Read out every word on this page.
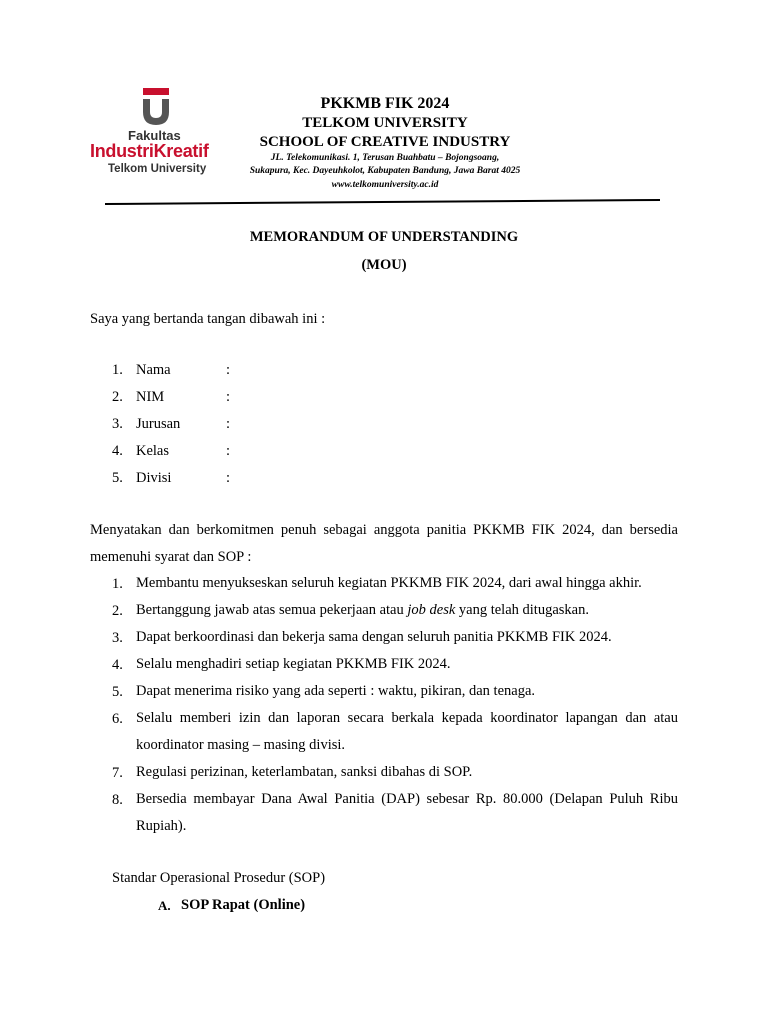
Fakultas
IndustriKreatif
Telkom University
PKKMB FIK 2024
TELKOM UNIVERSITY
SCHOOL OF CREATIVE INDUSTRY
JL. Telekomunikasi. 1, Terusan Buahbatu – Bojongsoang,
Sukapura, Kec. Dayeuhkolot, Kabupaten Bandung, Jawa Barat 4025
www.telkomuniversity.ac.id
MEMORANDUM OF UNDERSTANDING
(MOU)
Saya yang bertanda tangan dibawah ini :
1. Nama	:
2. NIM	:
3. Jurusan	:
4. Kelas	:
5. Divisi	:
Menyatakan dan berkomitmen penuh sebagai anggota panitia PKKMB FIK 2024, dan bersedia memenuhi syarat dan SOP :
1. Membantu menyukseskan seluruh kegiatan PKKMB FIK 2024, dari awal hingga akhir.
2. Bertanggung jawab atas semua pekerjaan atau job desk yang telah ditugaskan.
3. Dapat berkoordinasi dan bekerja sama dengan seluruh panitia PKKMB FIK 2024.
4. Selalu menghadiri setiap kegiatan PKKMB FIK 2024.
5. Dapat menerima risiko yang ada seperti : waktu, pikiran, dan tenaga.
6. Selalu memberi izin dan laporan secara berkala kepada koordinator lapangan dan atau koordinator masing – masing divisi.
7. Regulasi perizinan, keterlambatan, sanksi dibahas di SOP.
8. Bersedia membayar Dana Awal Panitia (DAP) sebesar Rp. 80.000 (Delapan Puluh Ribu Rupiah).
Standar Operasional Prosedur (SOP)
A. SOP Rapat (Online)
